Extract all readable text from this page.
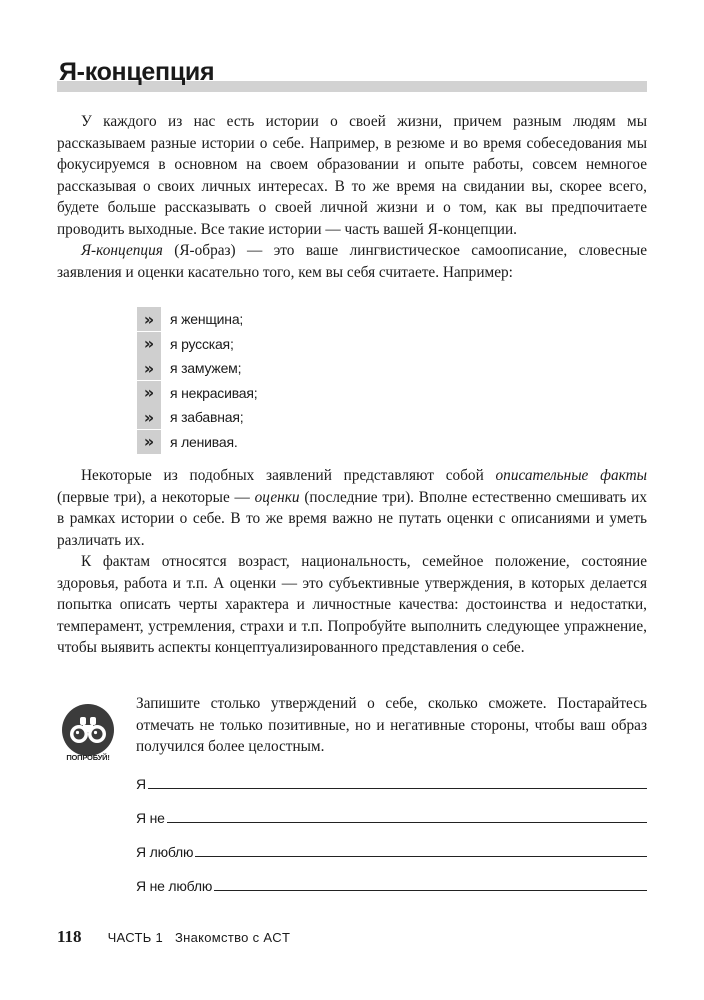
Я-концепция

У каждого из нас есть истории о своей жизни, причем разным людям мы рассказываем разные истории о себе. Например, в резюме и во время собеседования мы фокусируемся в основном на своем образовании и опыте работы, совсем немногое рассказывая о своих личных интересах. В то же время на свидании вы, скорее всего, будете больше рассказывать о своей личной жизни и о том, как вы предпочитаете проводить выходные. Все такие истории — часть вашей Я-концепции.

Я-концепция (Я-образ) — это ваше лингвистическое самоописание, словесные заявления и оценки касательно того, кем вы себя считаете. Например:

»	я женщина;
»	я русская;
»	я замужем;
»	я некрасивая;
»	я забавная;
»	я ленивая.

Некоторые из подобных заявлений представляют собой описательные факты (первые три), а некоторые — оценки (последние три). Вполне естественно смешивать их в рамках истории о себе. В то же время важно не путать оценки с описаниями и уметь различать их.

К фактам относятся возраст, национальность, семейное положение, состояние здоровья, работа и т.п. А оценки — это субъективные утверждения, в которых делается попытка описать черты характера и личностные качества: достоинства и недостатки, темперамент, устремления, страхи и т.п. Попробуйте выполнить следующее упражнение, чтобы выявить аспекты концептуализированного представления о себе.

ПОПРОБУЙ!

Запишите столько утверждений о себе, сколько сможете. Постарайтесь отмечать не только позитивные, но и негативные стороны, чтобы ваш образ получился более целостным.

Я
Я не
Я люблю
Я не люблю
118 ЧАСТЬ 1 Знакомство с ACT
